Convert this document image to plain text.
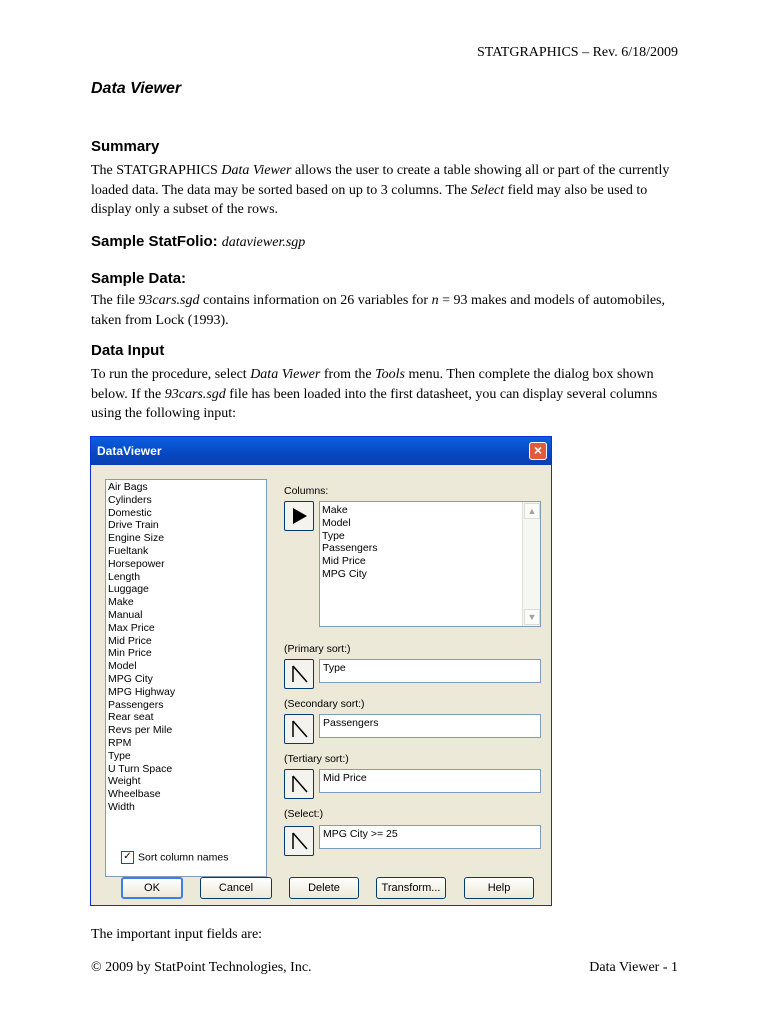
STATGRAPHICS – Rev. 6/18/2009
Data Viewer
Summary
The STATGRAPHICS Data Viewer allows the user to create a table showing all or part of the currently loaded data. The data may be sorted based on up to 3 columns. The Select field may also be used to display only a subset of the rows.
Sample StatFolio: dataviewer.sgp
Sample Data:
The file 93cars.sgd contains information on 26 variables for n = 93 makes and models of automobiles, taken from Lock (1993).
Data Input
To run the procedure, select Data Viewer from the Tools menu. Then complete the dialog box shown below. If the 93cars.sgd file has been loaded into the first datasheet, you can display several columns using the following input:
DataViewer	×
Air Bags
Cylinders
Domestic
Drive Train
Engine Size
Fueltank
Horsepower
Length
Luggage
Make
Manual
Max Price
Mid Price
Min Price
Model
MPG City
MPG Highway
Passengers
Rear seat
Revs per Mile
RPM
Type
U Turn Space
Weight
Wheelbase
Width
✓ Sort column names
Columns:
Make
Model
Type
Passengers
Mid Price
MPG City
▲
▼
(Primary sort:)
Type
(Secondary sort:)
Passengers
(Tertiary sort:)
Mid Price
(Select:)
MPG City >= 25
OK	Cancel	Delete	Transform...	Help
The important input fields are:
© 2009 by StatPoint Technologies, Inc.	Data Viewer - 1
